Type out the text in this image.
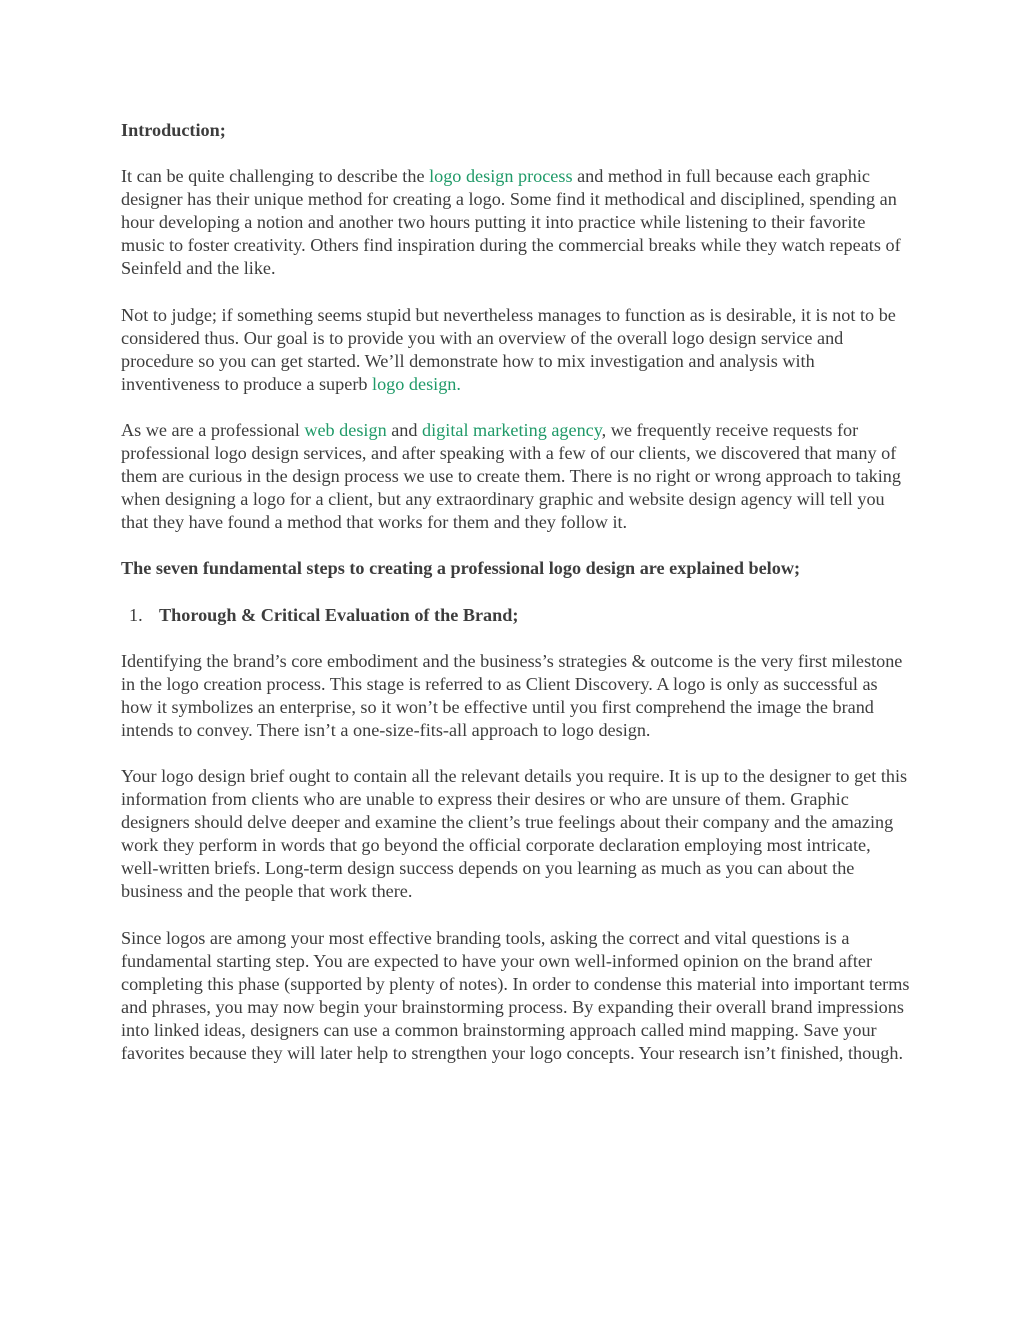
Introduction;

It can be quite challenging to describe the logo design process and method in full because each graphic designer has their unique method for creating a logo. Some find it methodical and disciplined, spending an hour developing a notion and another two hours putting it into practice while listening to their favorite music to foster creativity. Others find inspiration during the commercial breaks while they watch repeats of Seinfeld and the like.

Not to judge; if something seems stupid but nevertheless manages to function as is desirable, it is not to be considered thus. Our goal is to provide you with an overview of the overall logo design service and procedure so you can get started. We’ll demonstrate how to mix investigation and analysis with inventiveness to produce a superb logo design.

As we are a professional web design and digital marketing agency, we frequently receive requests for professional logo design services, and after speaking with a few of our clients, we discovered that many of them are curious in the design process we use to create them. There is no right or wrong approach to taking when designing a logo for a client, but any extraordinary graphic and website design agency will tell you that they have found a method that works for them and they follow it.

The seven fundamental steps to creating a professional logo design are explained below;
1. Thorough & Critical Evaluation of the Brand;

Identifying the brand’s core embodiment and the business’s strategies & outcome is the very first milestone in the logo creation process. This stage is referred to as Client Discovery. A logo is only as successful as how it symbolizes an enterprise, so it won’t be effective until you first comprehend the image the brand intends to convey. There isn’t a one-size-fits-all approach to logo design.

Your logo design brief ought to contain all the relevant details you require. It is up to the designer to get this information from clients who are unable to express their desires or who are unsure of them. Graphic designers should delve deeper and examine the client’s true feelings about their company and the amazing work they perform in words that go beyond the official corporate declaration employing most intricate, well-written briefs. Long-term design success depends on you learning as much as you can about the business and the people that work there.

Since logos are among your most effective branding tools, asking the correct and vital questions is a fundamental starting step. You are expected to have your own well-informed opinion on the brand after completing this phase (supported by plenty of notes). In order to condense this material into important terms and phrases, you may now begin your brainstorming process. By expanding their overall brand impressions into linked ideas, designers can use a common brainstorming approach called mind mapping. Save your favorites because they will later help to strengthen your logo concepts. Your research isn’t finished, though.
